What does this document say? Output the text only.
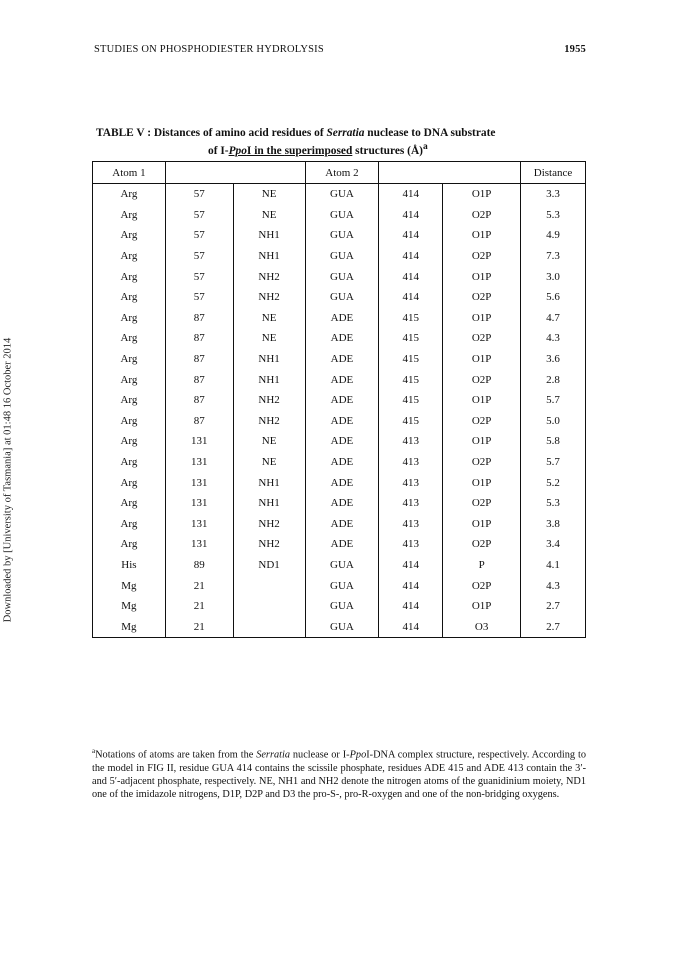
STUDIES ON PHOSPHODIESTER HYDROLYSIS	1955
Downloaded by [University of Tasmania] at 01:48 16 October 2014
TABLE V : Distances of amino acid residues of Serratia nuclease to DNA substrate
of I-PpoI in the superimposed structures (Å)$^a$
Atom 1			Atom 2			Distance
Arg	57	NE	GUA	414	O1P	3.3
Arg	57	NE	GUA	414	O2P	5.3
Arg	57	NH1	GUA	414	O1P	4.9
Arg	57	NH1	GUA	414	O2P	7.3
Arg	57	NH2	GUA	414	O1P	3.0
Arg	57	NH2	GUA	414	O2P	5.6
Arg	87	NE	ADE	415	O1P	4.7
Arg	87	NE	ADE	415	O2P	4.3
Arg	87	NH1	ADE	415	O1P	3.6
Arg	87	NH1	ADE	415	O2P	2.8
Arg	87	NH2	ADE	415	O1P	5.7
Arg	87	NH2	ADE	415	O2P	5.0
Arg	131	NE	ADE	413	O1P	5.8
Arg	131	NE	ADE	413	O2P	5.7
Arg	131	NH1	ADE	413	O1P	5.2
Arg	131	NH1	ADE	413	O2P	5.3
Arg	131	NH2	ADE	413	O1P	3.8
Arg	131	NH2	ADE	413	O2P	3.4
His	89	ND1	GUA	414	P	4.1
Mg	21		GUA	414	O2P	4.3
Mg	21		GUA	414	O1P	2.7
Mg	21		GUA	414	O3	2.7
$^a$Notations of atoms are taken from the Serratia nuclease or I-PpoI-DNA complex structure, respectively. According to the model in FIG II, residue GUA 414 contains the scissile phosphate, residues ADE 415 and ADE 413 contain the 3′- and 5′-adjacent phosphate, respectively. NE, NH1 and NH2 denote the nitrogen atoms of the guanidinium moiety, ND1 one of the imidazole nitrogens, D1P, D2P and D3 the pro-S-, pro-R-oxygen and one of the non-bridging oxygens.
